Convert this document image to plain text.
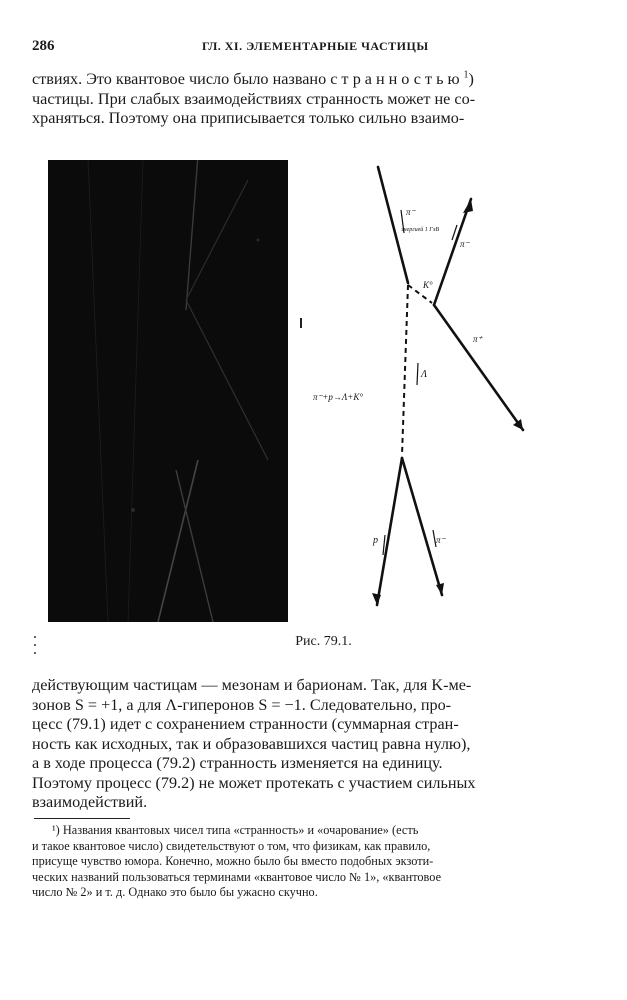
286	ГЛ. XI. ЭЛЕМЕНТАРНЫЕ ЧАСТИЦЫ
ствиях. Это квантовое число было названо странностью$^1$)
частицы. При слабых взаимодействиях странность может не со-
храняться. Поэтому она приписывается только сильно взаимо-
π⁻
энергией 1 ГэВ
K°
π⁻
π⁺
Λ
p	π⁻
π⁻+p→Λ+K°
Рис. 79.1.
действующим частицам — мезонам и барионам. Так, для K-ме-
зонов S = +1, а для Λ-гиперонов S = −1. Следовательно, про-
цесс (79.1) идет с сохранением странности (суммарная стран-
ность как исходных, так и образовавшихся частиц равна нулю),
а в ходе процесса (79.2) странность изменяется на единицу.
Поэтому процесс (79.2) не может протекать с участием сильных
взаимодействий.
¹) Названия квантовых чисел типа «странность» и «очарование» (есть
и такое квантовое число) свидетельствуют о том, что физикам, как правило,
присуще чувство юмора. Конечно, можно было бы вместо подобных экзоти-
ческих названий пользоваться терминами «квантовое число № 1», «квантовое
число № 2» и т. д. Однако это было бы ужасно скучно.
